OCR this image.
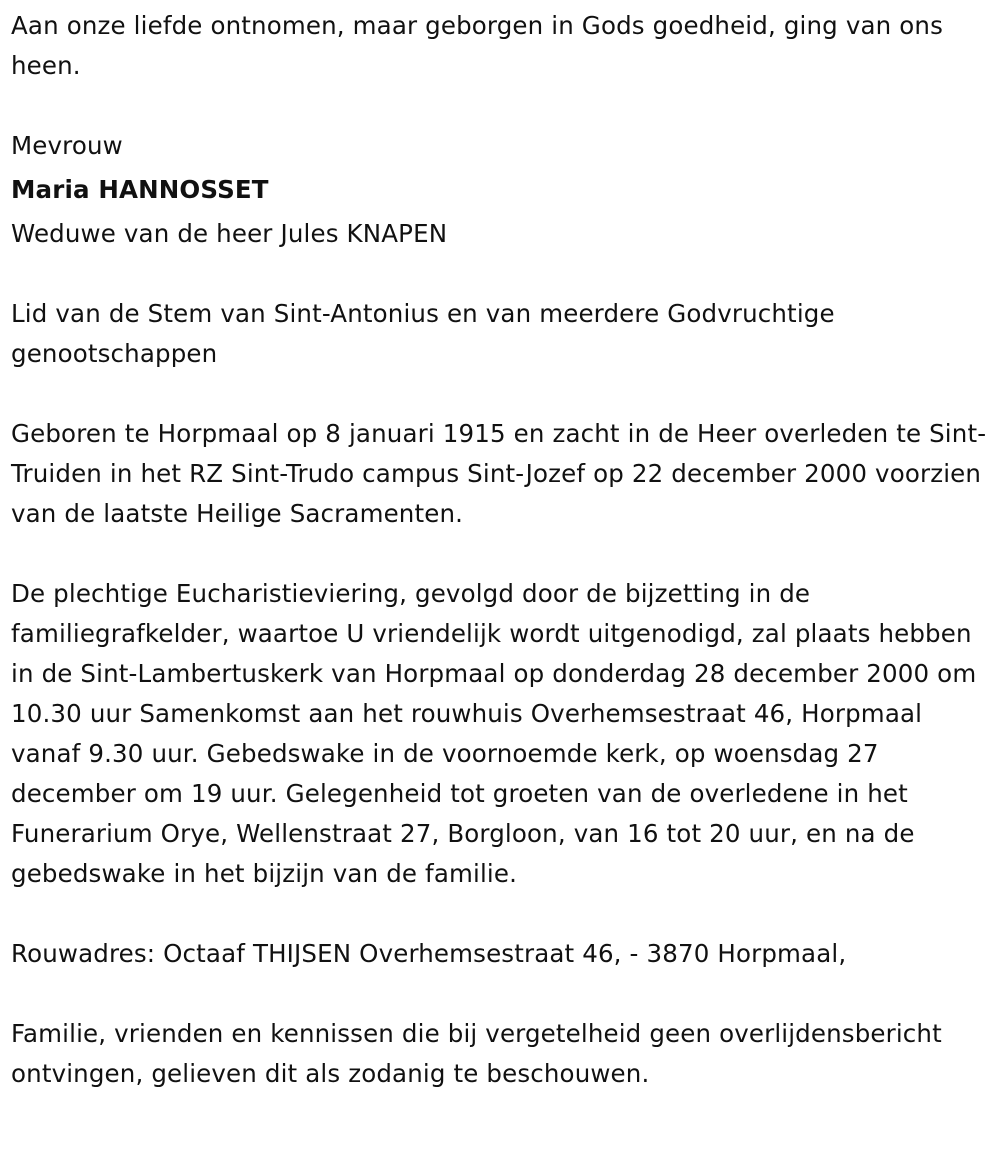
Aan onze liefde ontnomen, maar geborgen in Gods goedheid, ging van ons heen.

Mevrouw

Maria HANNOSSET

Weduwe van de heer Jules KNAPEN

Lid van de Stem van Sint-Antonius en van meerdere Godvruchtige genootschappen

Geboren te Horpmaal op 8 januari 1915 en zacht in de Heer overleden te Sint-Truiden in het RZ Sint-Trudo campus Sint-Jozef op 22 december 2000 voorzien van de laatste Heilige Sacramenten.

De plechtige Eucharistieviering, gevolgd door de bijzetting in de familiegrafkelder, waartoe U vriendelijk wordt uitgenodigd, zal plaats hebben in de Sint-Lambertuskerk van Horpmaal op donderdag 28 december 2000 om 10.30 uur Samenkomst aan het rouwhuis Overhemsestraat 46, Horpmaal vanaf 9.30 uur. Gebedswake in de voornoemde kerk, op woensdag 27 december om 19 uur. Gelegenheid tot groeten van de overledene in het Funerarium Orye, Wellenstraat 27, Borgloon, van 16 tot 20 uur, en na de gebedswake in het bijzijn van de familie.

Rouwadres: Octaaf THIJSEN Overhemsestraat 46, - 3870 Horpmaal,

Familie, vrienden en kennissen die bij vergetelheid geen overlijdensbericht ontvingen, gelieven dit als zodanig te beschouwen.
